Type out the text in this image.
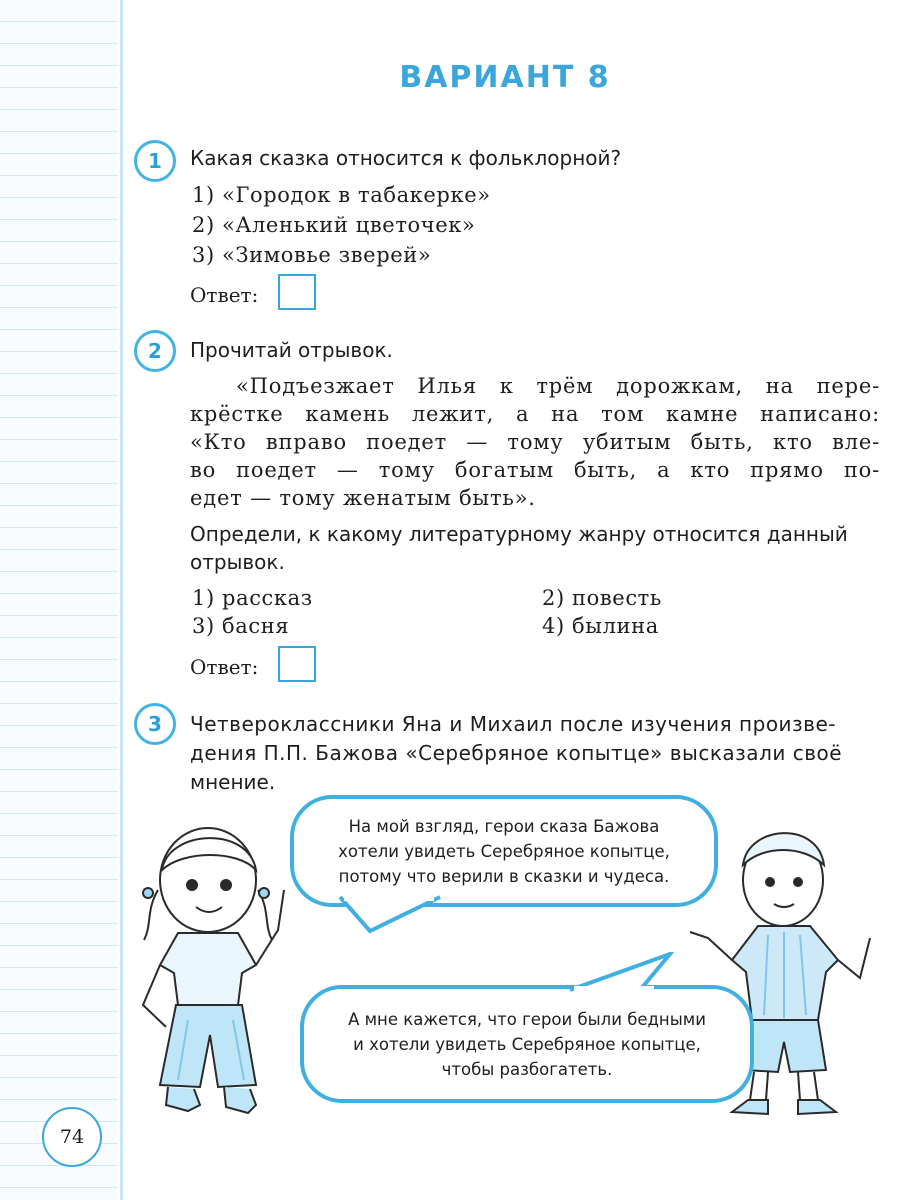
ВАРИАНТ 8
1	Какая сказка относится к фольклорной?
1) «Городок в табакерке»
2) «Аленький цветочек»
3) «Зимовье зверей»
Ответ:
2	Прочитай отрывок.
«Подъезжает Илья к трём дорожкам, на пере-
крёстке камень лежит, а на том камне написано:
«Кто вправо поедет — тому убитым быть, кто вле-
во поедет — тому богатым быть, а кто прямо по-
едет — тому женатым быть».
Определи, к какому литературному жанру относится данный
отрывок.
1) рассказ	2) повесть
3) басня	4) былина
Ответ:
3	Четвероклассники Яна и Михаил после изучения произве-
дения П.П. Бажова «Серебряное копытце» высказали своё
мнение.
На мой взгляд, герои сказа Бажова
хотели увидеть Серебряное копытце,
потому что верили в сказки и чудеса.
А мне кажется, что герои были бедными
и хотели увидеть Серебряное копытце,
чтобы разбогатеть.
74
